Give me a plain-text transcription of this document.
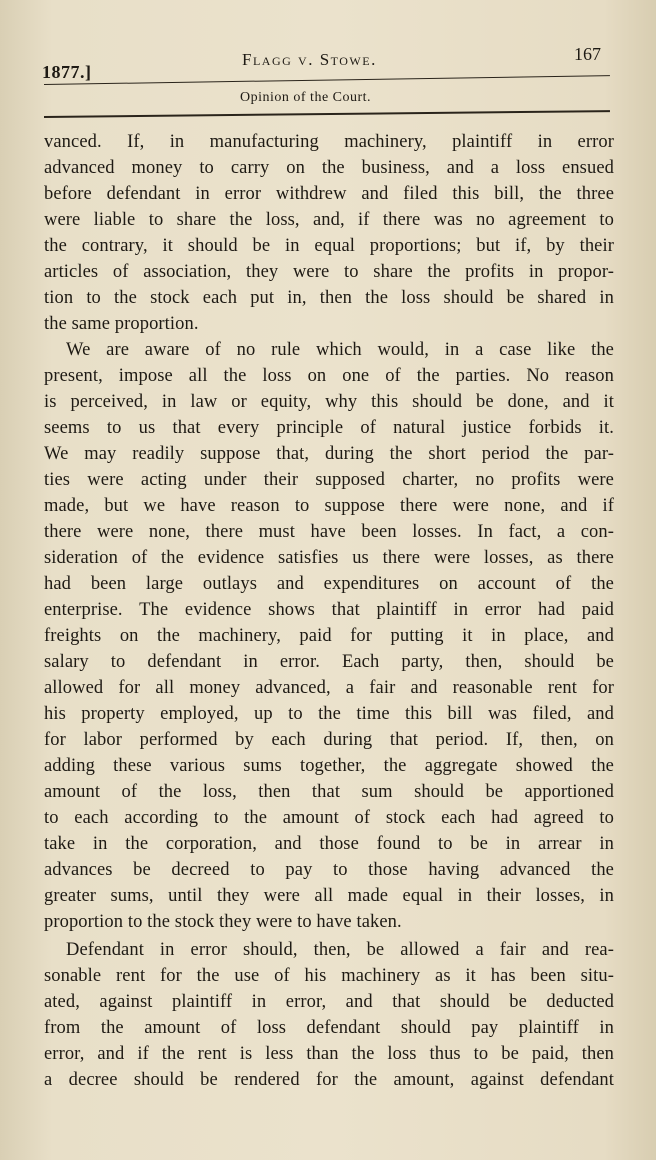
1877.]
Flagg v. Stowe.	167
Opinion of the Court.
vanced. If, in manufacturing machinery, plaintiff in error
advanced money to carry on the business, and a loss ensued
before defendant in error withdrew and filed this bill, the three
were liable to share the loss, and, if there was no agreement to
the contrary, it should be in equal proportions; but if, by their
articles of association, they were to share the profits in propor-
tion to the stock each put in, then the loss should be shared in
the same proportion.
We are aware of no rule which would, in a case like the
present, impose all the loss on one of the parties. No reason
is perceived, in law or equity, why this should be done, and it
seems to us that every principle of natural justice forbids it.
We may readily suppose that, during the short period the par-
ties were acting under their supposed charter, no profits were
made, but we have reason to suppose there were none, and if
there were none, there must have been losses. In fact, a con-
sideration of the evidence satisfies us there were losses, as there
had been large outlays and expenditures on account of the
enterprise. The evidence shows that plaintiff in error had paid
freights on the machinery, paid for putting it in place, and
salary to defendant in error. Each party, then, should be
allowed for all money advanced, a fair and reasonable rent for
his property employed, up to the time this bill was filed, and
for labor performed by each during that period. If, then, on
adding these various sums together, the aggregate showed the
amount of the loss, then that sum should be apportioned
to each according to the amount of stock each had agreed to
take in the corporation, and those found to be in arrear in
advances be decreed to pay to those having advanced the
greater sums, until they were all made equal in their losses, in
proportion to the stock they were to have taken.
Defendant in error should, then, be allowed a fair and rea-
sonable rent for the use of his machinery as it has been situ-
ated, against plaintiff in error, and that should be deducted
from the amount of loss defendant should pay plaintiff in
error, and if the rent is less than the loss thus to be paid, then
a decree should be rendered for the amount, against defendant
